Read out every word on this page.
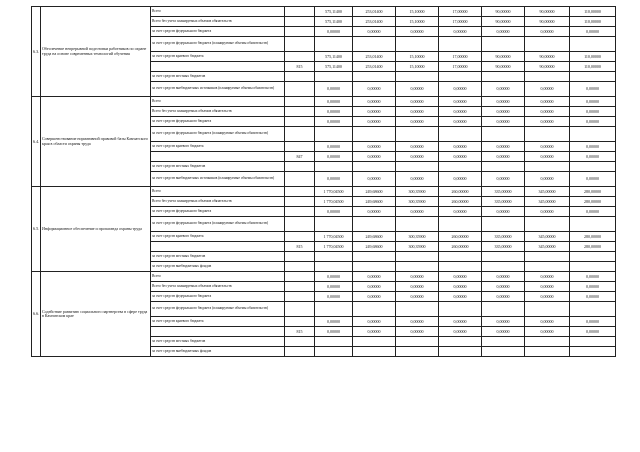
6.3.	Обеспечение непрерывной подготовки работников по охране труда на основе современных технологий обучения	Всего		575,11400	253,01400	15,10000	17,00000	90,00000	90,00000	110,00000
		Всего без учета планируемых объемов обязательств		575,11400	253,01400	15,10000	17,00000	90,00000	90,00000	110,00000
		за счет средств федерального бюджета		0,00000	0,00000	0,00000	0,00000	0,00000	0,00000	0,00000
		за счет средств федерального бюджета (планируемые объемы обязательств)								
		за счет средств краевого бюджета		575,11400	253,01400	15,10000	17,00000	90,00000	90,00000	110,00000
			815	575,11400	253,01400	15,10000	17,00000	90,00000	90,00000	110,00000
		за счет средств местных бюджетов								
		за счет средств внебюджетных источников (планируемые объемы обязательств)		0,00000	0,00000	0,00000	0,00000	0,00000	0,00000	0,00000
6.4.	Совершенствование нормативной правовой базы Камчатского края в области охраны труда	Всего		0,00000	0,00000	0,00000	0,00000	0,00000	0,00000	0,00000
		Всего без учета планируемых объемов обязательств		0,00000	0,00000	0,00000	0,00000	0,00000	0,00000	0,00000
		за счет средств федерального бюджета		0,00000	0,00000	0,00000	0,00000	0,00000	0,00000	0,00000
		за счет средств федерального бюджета (планируемые объемы обязательств)								
		за счет средств краевого бюджета		0,00000	0,00000	0,00000	0,00000	0,00000	0,00000	0,00000
			847	0,00000	0,00000	0,00000	0,00000	0,00000	0,00000	0,00000
		за счет средств местных бюджетов								
		за счет средств внебюджетных источников (планируемые объемы обязательств)		0,00000	0,00000	0,00000	0,00000	0,00000	0,00000	0,00000
6.5.	Информационное обеспечение и пропаганда охраны труда	Всего		1 770,04500	249,68600	300,35900	260,00000	335,00000	345,00000	280,00000
		Всего без учета планируемых объемов обязательств		1 770,04500	249,68600	300,35900	260,00000	335,00000	345,00000	280,00000
		за счет средств федерального бюджета		0,00000	0,00000	0,00000	0,00000	0,00000	0,00000	0,00000
		за счет средств федерального бюджета (планируемые объемы обязательств)								
		за счет средств краевого бюджета		1 770,04500	249,68600	300,35900	260,00000	335,00000	345,00000	280,00000
			815	1 770,04500	249,68600	300,35900	260,00000	335,00000	345,00000	280,00000
		за счет средств местных бюджетов								
		за счет средств внебюджетных фондов								
6.6.	Содействие развитию социального партнерства в сфере труда в Камчатском крае	Всего		0,00000	0,00000	0,00000	0,00000	0,00000	0,00000	0,00000
		Всего без учета планируемых объемов обязательств		0,00000	0,00000	0,00000	0,00000	0,00000	0,00000	0,00000
		за счет средств федерального бюджета		0,00000	0,00000	0,00000	0,00000	0,00000	0,00000	0,00000
		за счет средств федерального бюджета (планируемые объемы обязательств)								
		за счет средств краевого бюджета		0,00000	0,00000	0,00000	0,00000	0,00000	0,00000	0,00000
			815	0,00000	0,00000	0,00000	0,00000	0,00000	0,00000	0,00000
		за счет средств местных бюджетов								
		за счет средств внебюджетных фондов								
